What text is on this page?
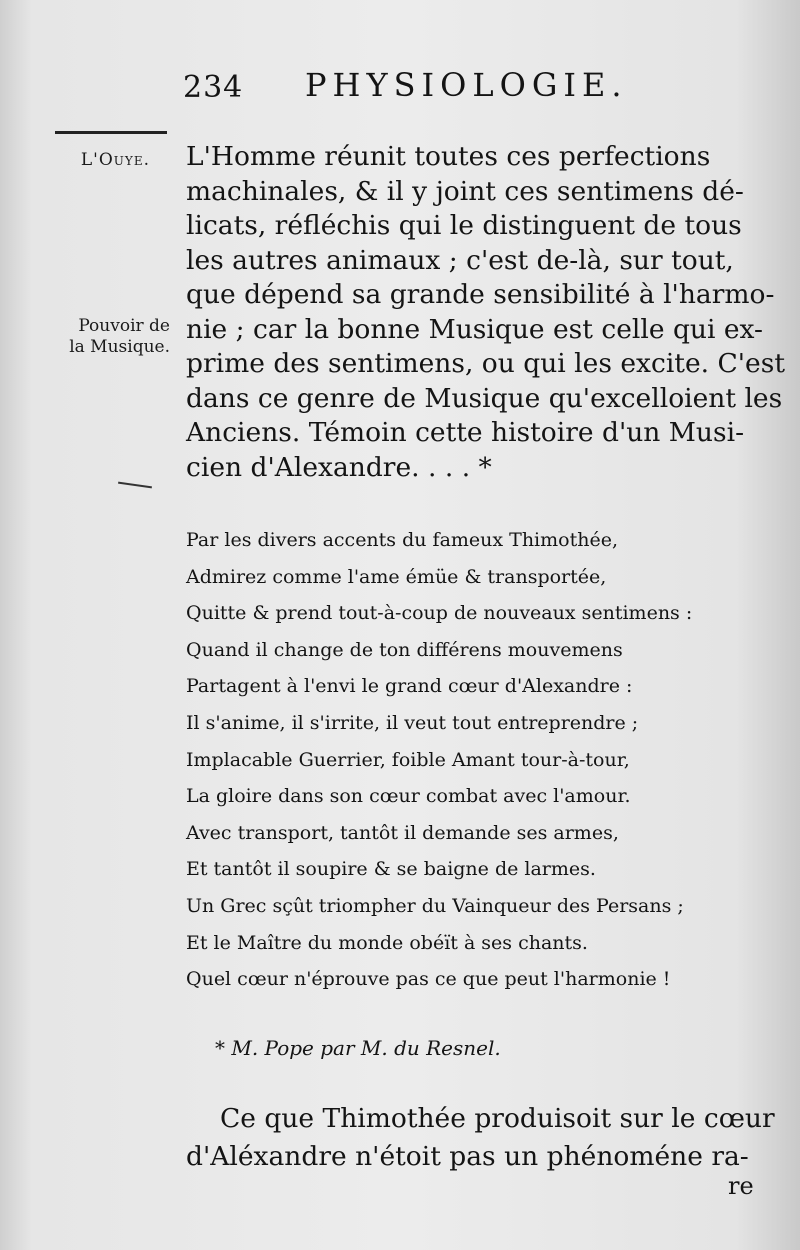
234 PHYSIOLOGIE.
L'Ouye.
Pouvoir de
la Musique.
L'Homme réunit toutes ces perfections
machinales, & il y joint ces sentimens dé-
licats, réfléchis qui le distinguent de tous
les autres animaux ; c'est de-là, sur tout,
que dépend sa grande sensibilité à l'harmo-
nie ; car la bonne Musique est celle qui ex-
prime des sentimens, ou qui les excite. C'est
dans ce genre de Musique qu'excelloient les
Anciens. Témoin cette histoire d'un Musi-
cien d'Alexandre. . . . *
Par les divers accents du fameux Thimothée,
Admirez comme l'ame émüe & transportée,
Quitte & prend tout-à-coup de nouveaux sentimens :
Quand il change de ton différens mouvemens
Partagent à l'envi le grand cœur d'Alexandre :
Il s'anime, il s'irrite, il veut tout entreprendre ;
Implacable Guerrier, foible Amant tour-à-tour,
La gloire dans son cœur combat avec l'amour.
Avec transport, tantôt il demande ses armes,
Et tantôt il soupire & se baigne de larmes.
Un Grec sçût triompher du Vainqueur des Persans ;
Et le Maître du monde obéït à ses chants.
Quel cœur n'éprouve pas ce que peut l'harmonie !
* M. Pope par M. du Resnel.
Ce que Thimothée produisoit sur le cœur
d'Aléxandre n'étoit pas un phénoméne ra-
re
